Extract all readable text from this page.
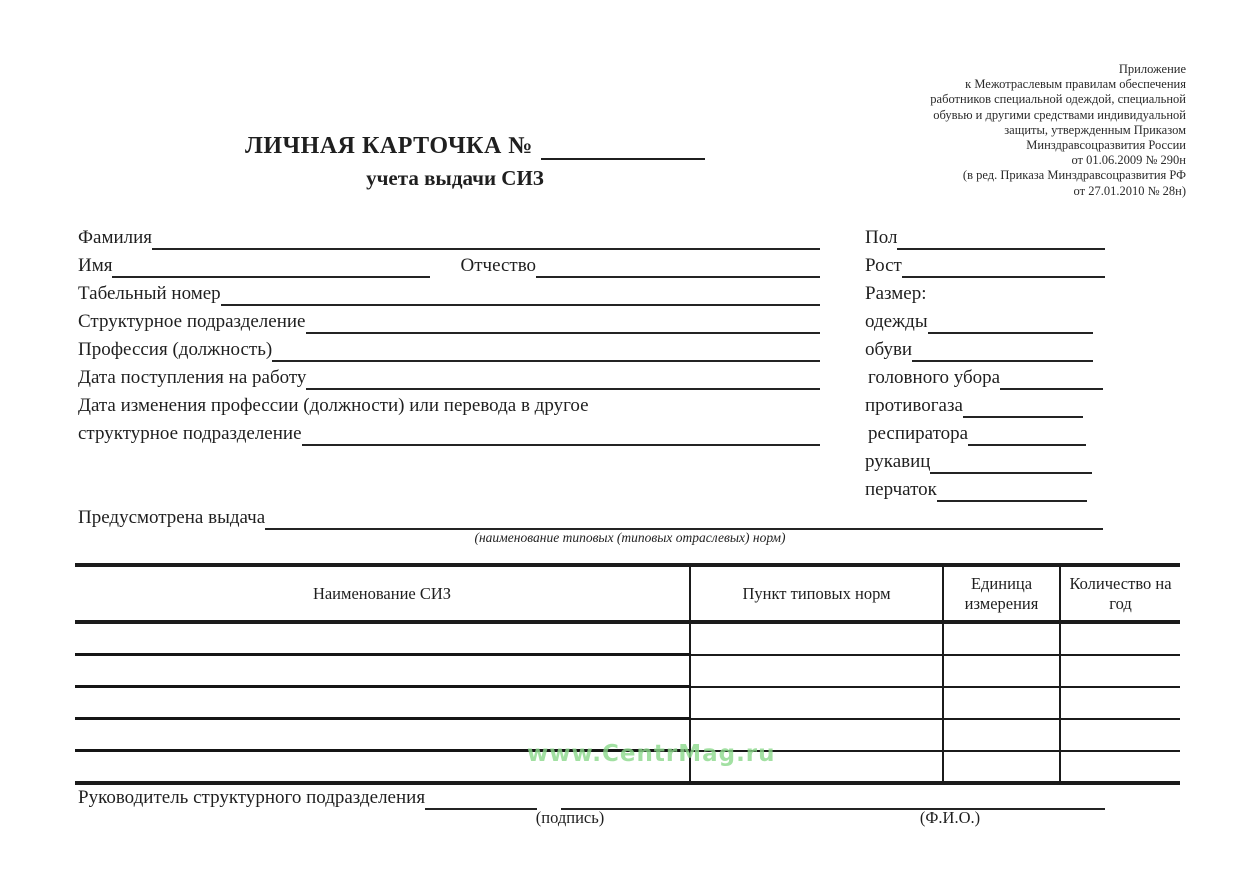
Приложение
к Межотраслевым правилам обеспечения
работников специальной одеждой, специальной
обувью и другими средствами индивидуальной
защиты, утвержденным Приказом
Минздравсоцразвития России
от 01.06.2009 № 290н
(в ред. Приказа Минздравсоцразвития РФ
от 27.01.2010 № 28н)
ЛИЧНАЯ КАРТОЧКА №
учета выдачи СИЗ
Фамилия
Имя	Отчество
Табельный номер
Структурное подразделение
Профессия (должность)
Дата поступления на работу
Дата изменения профессии (должности) или перевода в другое
структурное подразделение
Пол
Рост
Размер:
одежды
обуви
головного убора
противогаза
респиратора
рукавиц
перчаток
Предусмотрена выдача
(наименование типовых (типовых отраслевых) норм)
Наименование СИЗ	Пункт типовых норм	Единица измерения	Количество на год

www.CentrMag.ru
Руководитель структурного подразделения
(подпись)	(Ф.И.О.)
